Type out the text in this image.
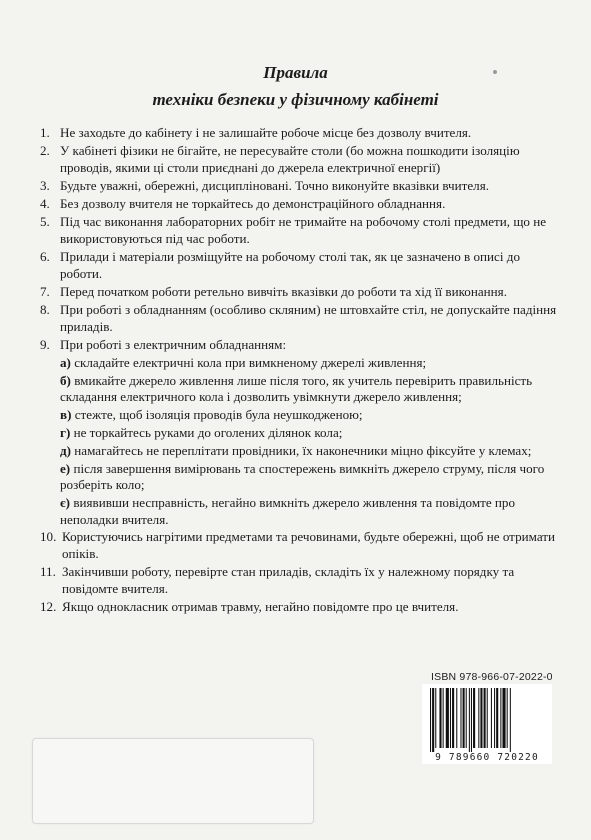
Правила
техніки безпеки у фізичному кабінеті
1. Не заходьте до кабінету і не залишайте робоче місце без дозволу вчителя.
2. У кабінеті фізики не бігайте, не пересувайте столи (бо можна пошкодити ізоляцію проводів, якими ці столи приєднані до джерела електричної енергії)
3. Будьте уважні, обережні, дисципліновані. Точно виконуйте вказівки вчителя.
4. Без дозволу вчителя не торкайтесь до демонстраційного обладнання.
5. Під час виконання лабораторних робіт не тримайте на робочому столі предмети, що не використовуються під час роботи.
6. Прилади і матеріали розміщуйте на робочому столі так, як це зазначено в описі до роботи.
7. Перед початком роботи ретельно вивчіть вказівки до роботи та хід її виконання.
8. При роботі з обладнанням (особливо скляним) не штовхайте стіл, не допускайте падіння приладів.
9. При роботі з електричним обладнанням:
а) складайте електричні кола при вимкненому джерелі живлення;
б) вмикайте джерело живлення лише після того, як учитель перевірить правильність складання електричного кола і дозволить увімкнути джерело живлення;
в) стежте, щоб ізоляція проводів була неушкодженою;
г) не торкайтесь руками до оголених ділянок кола;
д) намагайтесь не переплітати провідники, їх наконечники міцно фіксуйте у клемах;
е) після завершення вимірювань та спостережень вимкніть джерело струму, після чого розберіть коло;
є) виявивши несправність, негайно вимкніть джерело живлення та повідомте про неполадки вчителя.
10. Користуючись нагрітими предметами та речовинами, будьте обережні, щоб не отримати опіків.
11. Закінчивши роботу, перевірте стан приладів, складіть їх у належному порядку та повідомте вчителя.
12. Якщо однокласник отримав травму, негайно повідомте про це вчителя.
ISBN 978-966-07-2022-0
9 789660 720220
